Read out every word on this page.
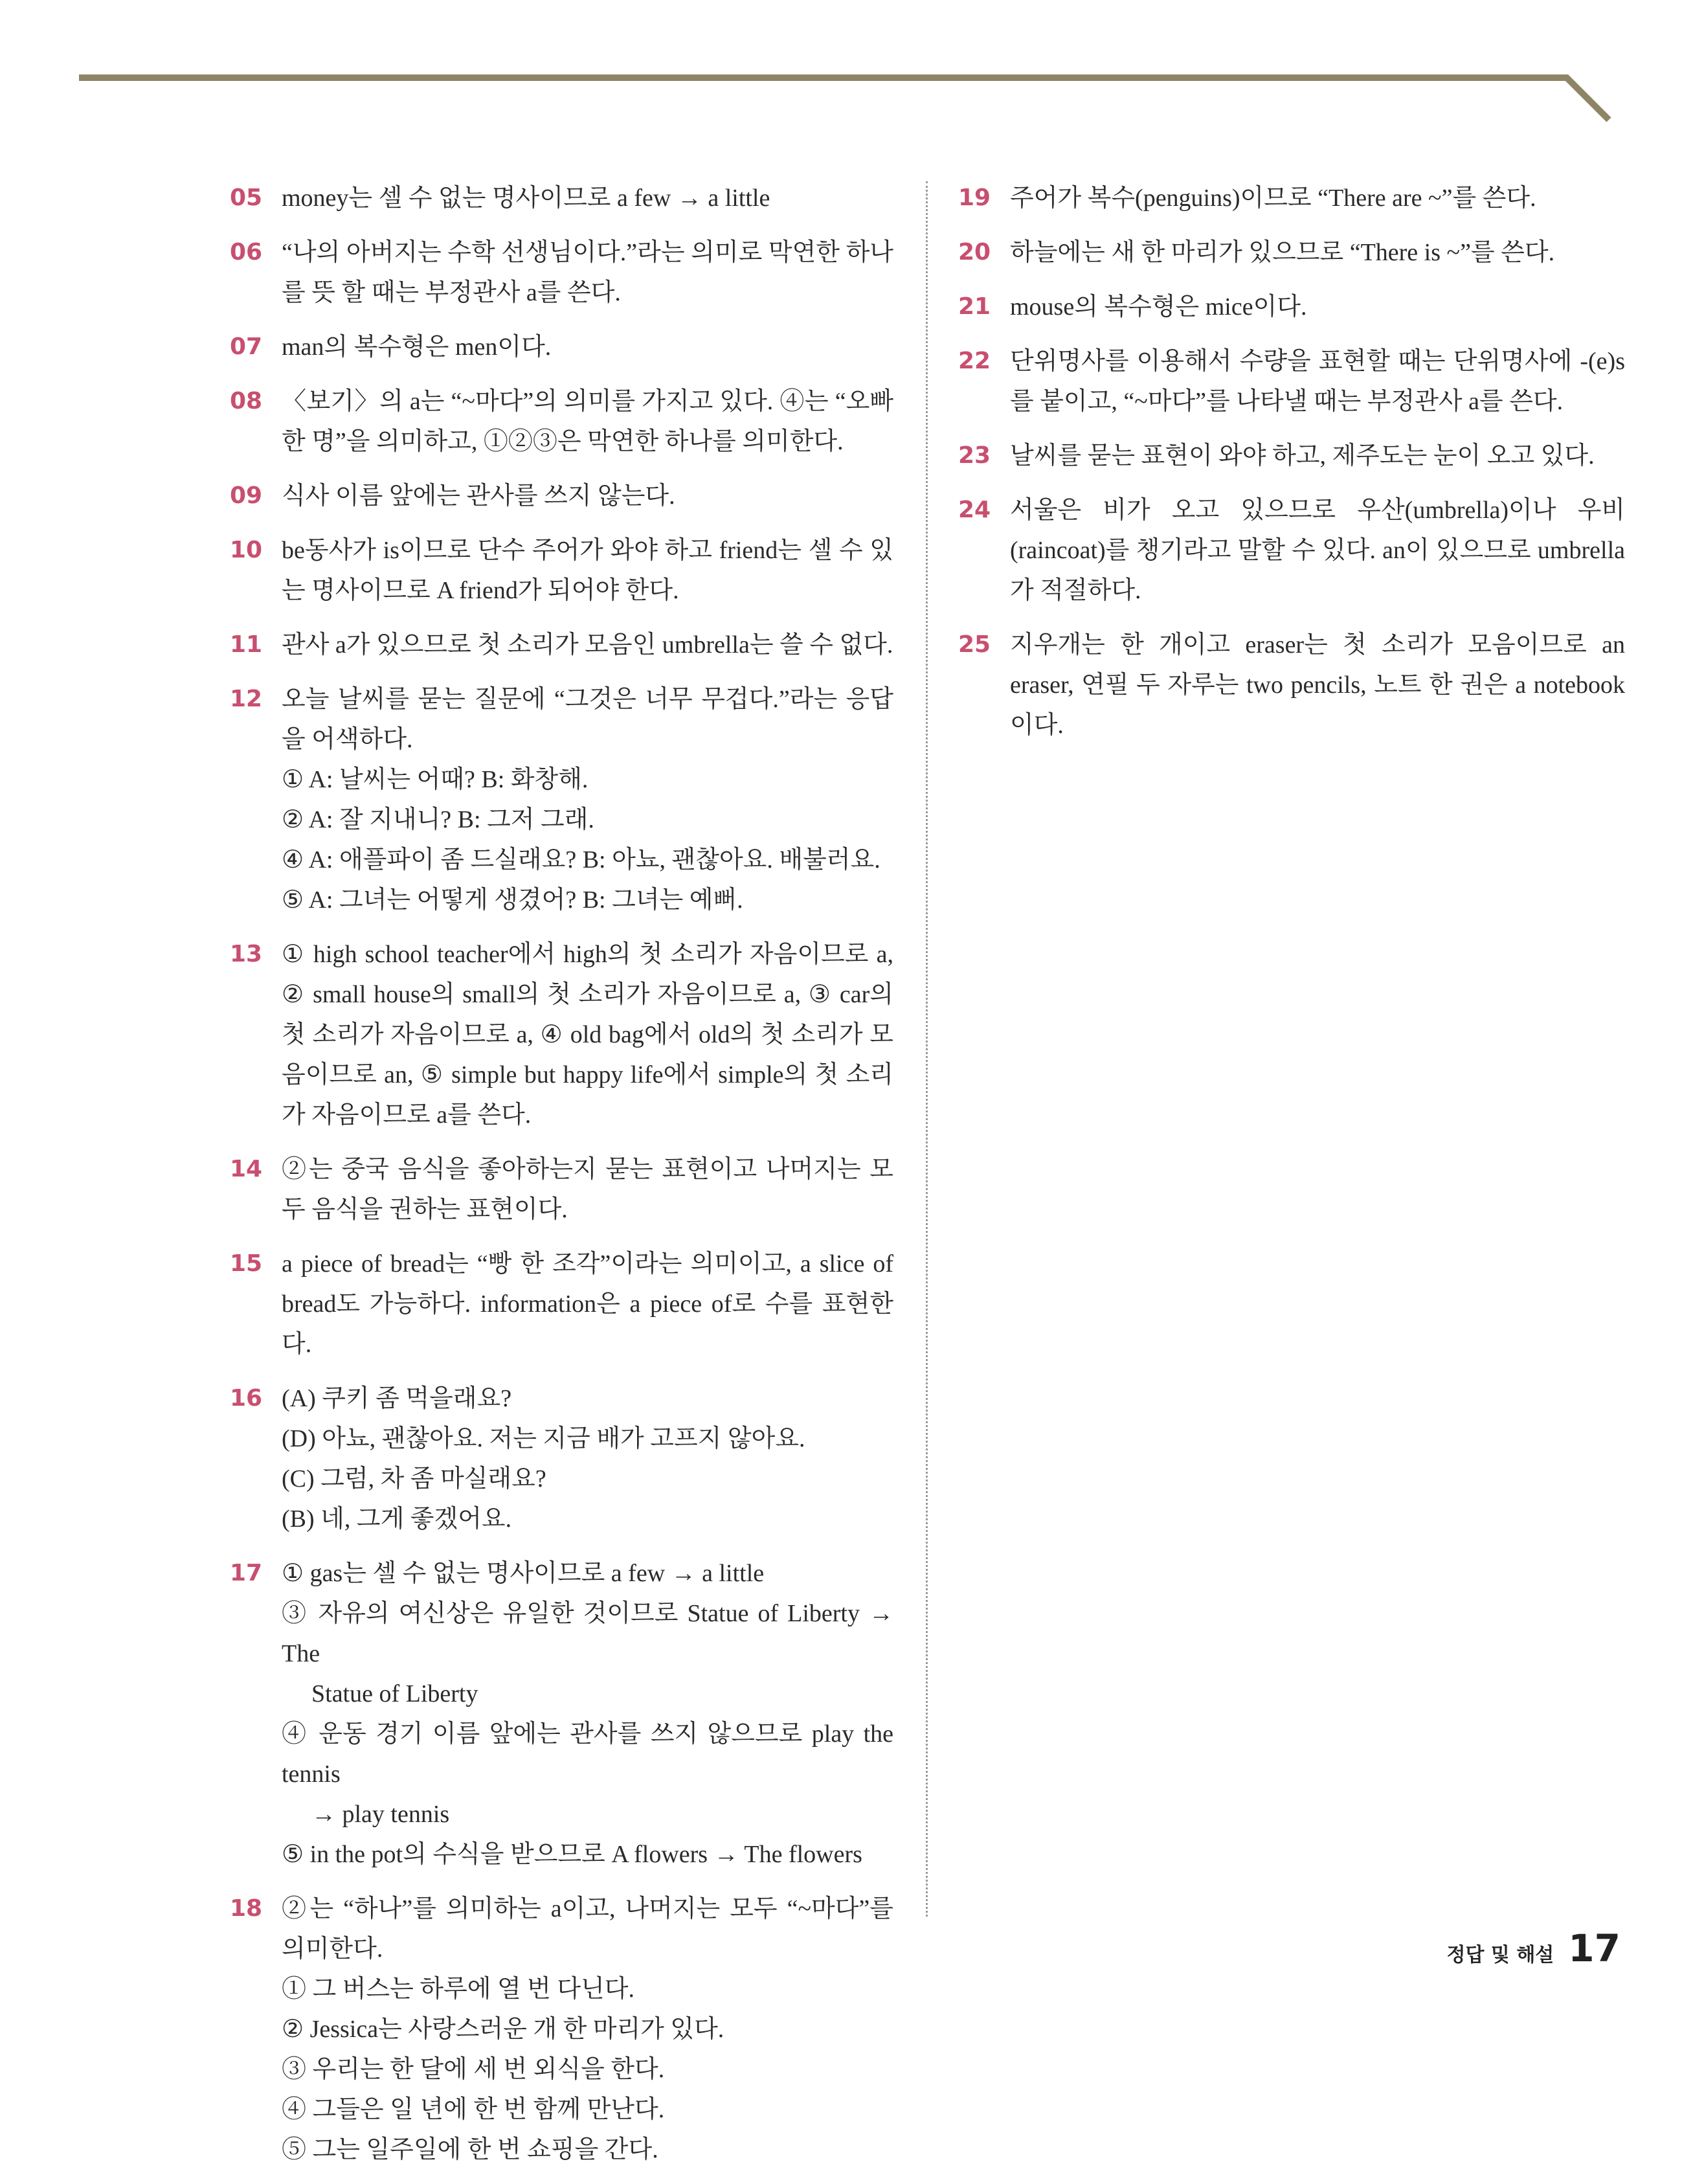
05 money는 셀 수 없는 명사이므로 a few → a little
06 “나의 아버지는 수학 선생님이다.”라는 의미로 막연한 하나를 뜻 할 때는 부정관사 a를 쓴다.
07 man의 복수형은 men이다.
08 〈보기〉의 a는 “~마다”의 의미를 가지고 있다. ④는 “오빠 한 명”을 의미하고, ①②③은 막연한 하나를 의미한다.
09 식사 이름 앞에는 관사를 쓰지 않는다.
10 be동사가 is이므로 단수 주어가 와야 하고 friend는 셀 수 있는 명사이므로 A friend가 되어야 한다.
11 관사 a가 있으므로 첫 소리가 모음인 umbrella는 쓸 수 없다.
12 오늘 날씨를 묻는 질문에 “그것은 너무 무겁다.”라는 응답을 어색하다.
① A: 날씨는 어때? B: 화창해.
② A: 잘 지내니? B: 그저 그래.
④ A: 애플파이 좀 드실래요? B: 아뇨, 괜찮아요. 배불러요.
⑤ A: 그녀는 어떻게 생겼어? B: 그녀는 예뻐.
13 ① high school teacher에서 high의 첫 소리가 자음이므로 a, ② small house의 small의 첫 소리가 자음이므로 a, ③ car의 첫 소리가 자음이므로 a, ④ old bag에서 old의 첫 소리가 모음이므로 an, ⑤ simple but happy life에서 simple의 첫 소리가 자음이므로 a를 쓴다.
14 ②는 중국 음식을 좋아하는지 묻는 표현이고 나머지는 모두 음식을 권하는 표현이다.
15 a piece of bread는 “빵 한 조각”이라는 의미이고, a slice of bread도 가능하다. information은 a piece of로 수를 표현한다.
16 (A) 쿠키 좀 먹을래요?
(D) 아뇨, 괜찮아요. 저는 지금 배가 고프지 않아요.
(C) 그럼, 차 좀 마실래요?
(B) 네, 그게 좋겠어요.
17 ① gas는 셀 수 없는 명사이므로 a few → a little
③ 자유의 여신상은 유일한 것이므로 Statue of Liberty → The
Statue of Liberty
④ 운동 경기 이름 앞에는 관사를 쓰지 않으므로 play the tennis
→ play tennis
⑤ in the pot의 수식을 받으므로 A flowers → The flowers
18 ②는 “하나”를 의미하는 a이고, 나머지는 모두 “~마다”를 의미한다.
① 그 버스는 하루에 열 번 다닌다.
② Jessica는 사랑스러운 개 한 마리가 있다.
③ 우리는 한 달에 세 번 외식을 한다.
④ 그들은 일 년에 한 번 함께 만난다.
⑤ 그는 일주일에 한 번 쇼핑을 간다.
19 주어가 복수(penguins)이므로 “There are ~”를 쓴다.
20 하늘에는 새 한 마리가 있으므로 “There is ~”를 쓴다.
21 mouse의 복수형은 mice이다.
22 단위명사를 이용해서 수량을 표현할 때는 단위명사에 -(e)s 를 붙이고, “~마다”를 나타낼 때는 부정관사 a를 쓴다.
23 날씨를 묻는 표현이 와야 하고, 제주도는 눈이 오고 있다.
24 서울은 비가 오고 있으므로 우산(umbrella)이나 우비(raincoat)를 챙기라고 말할 수 있다. an이 있으므로 umbrella가 적절하다.
25 지우개는 한 개이고 eraser는 첫 소리가 모음이므로 an eraser, 연필 두 자루는 two pencils, 노트 한 권은 a notebook이다.
정답 및 해설 17
